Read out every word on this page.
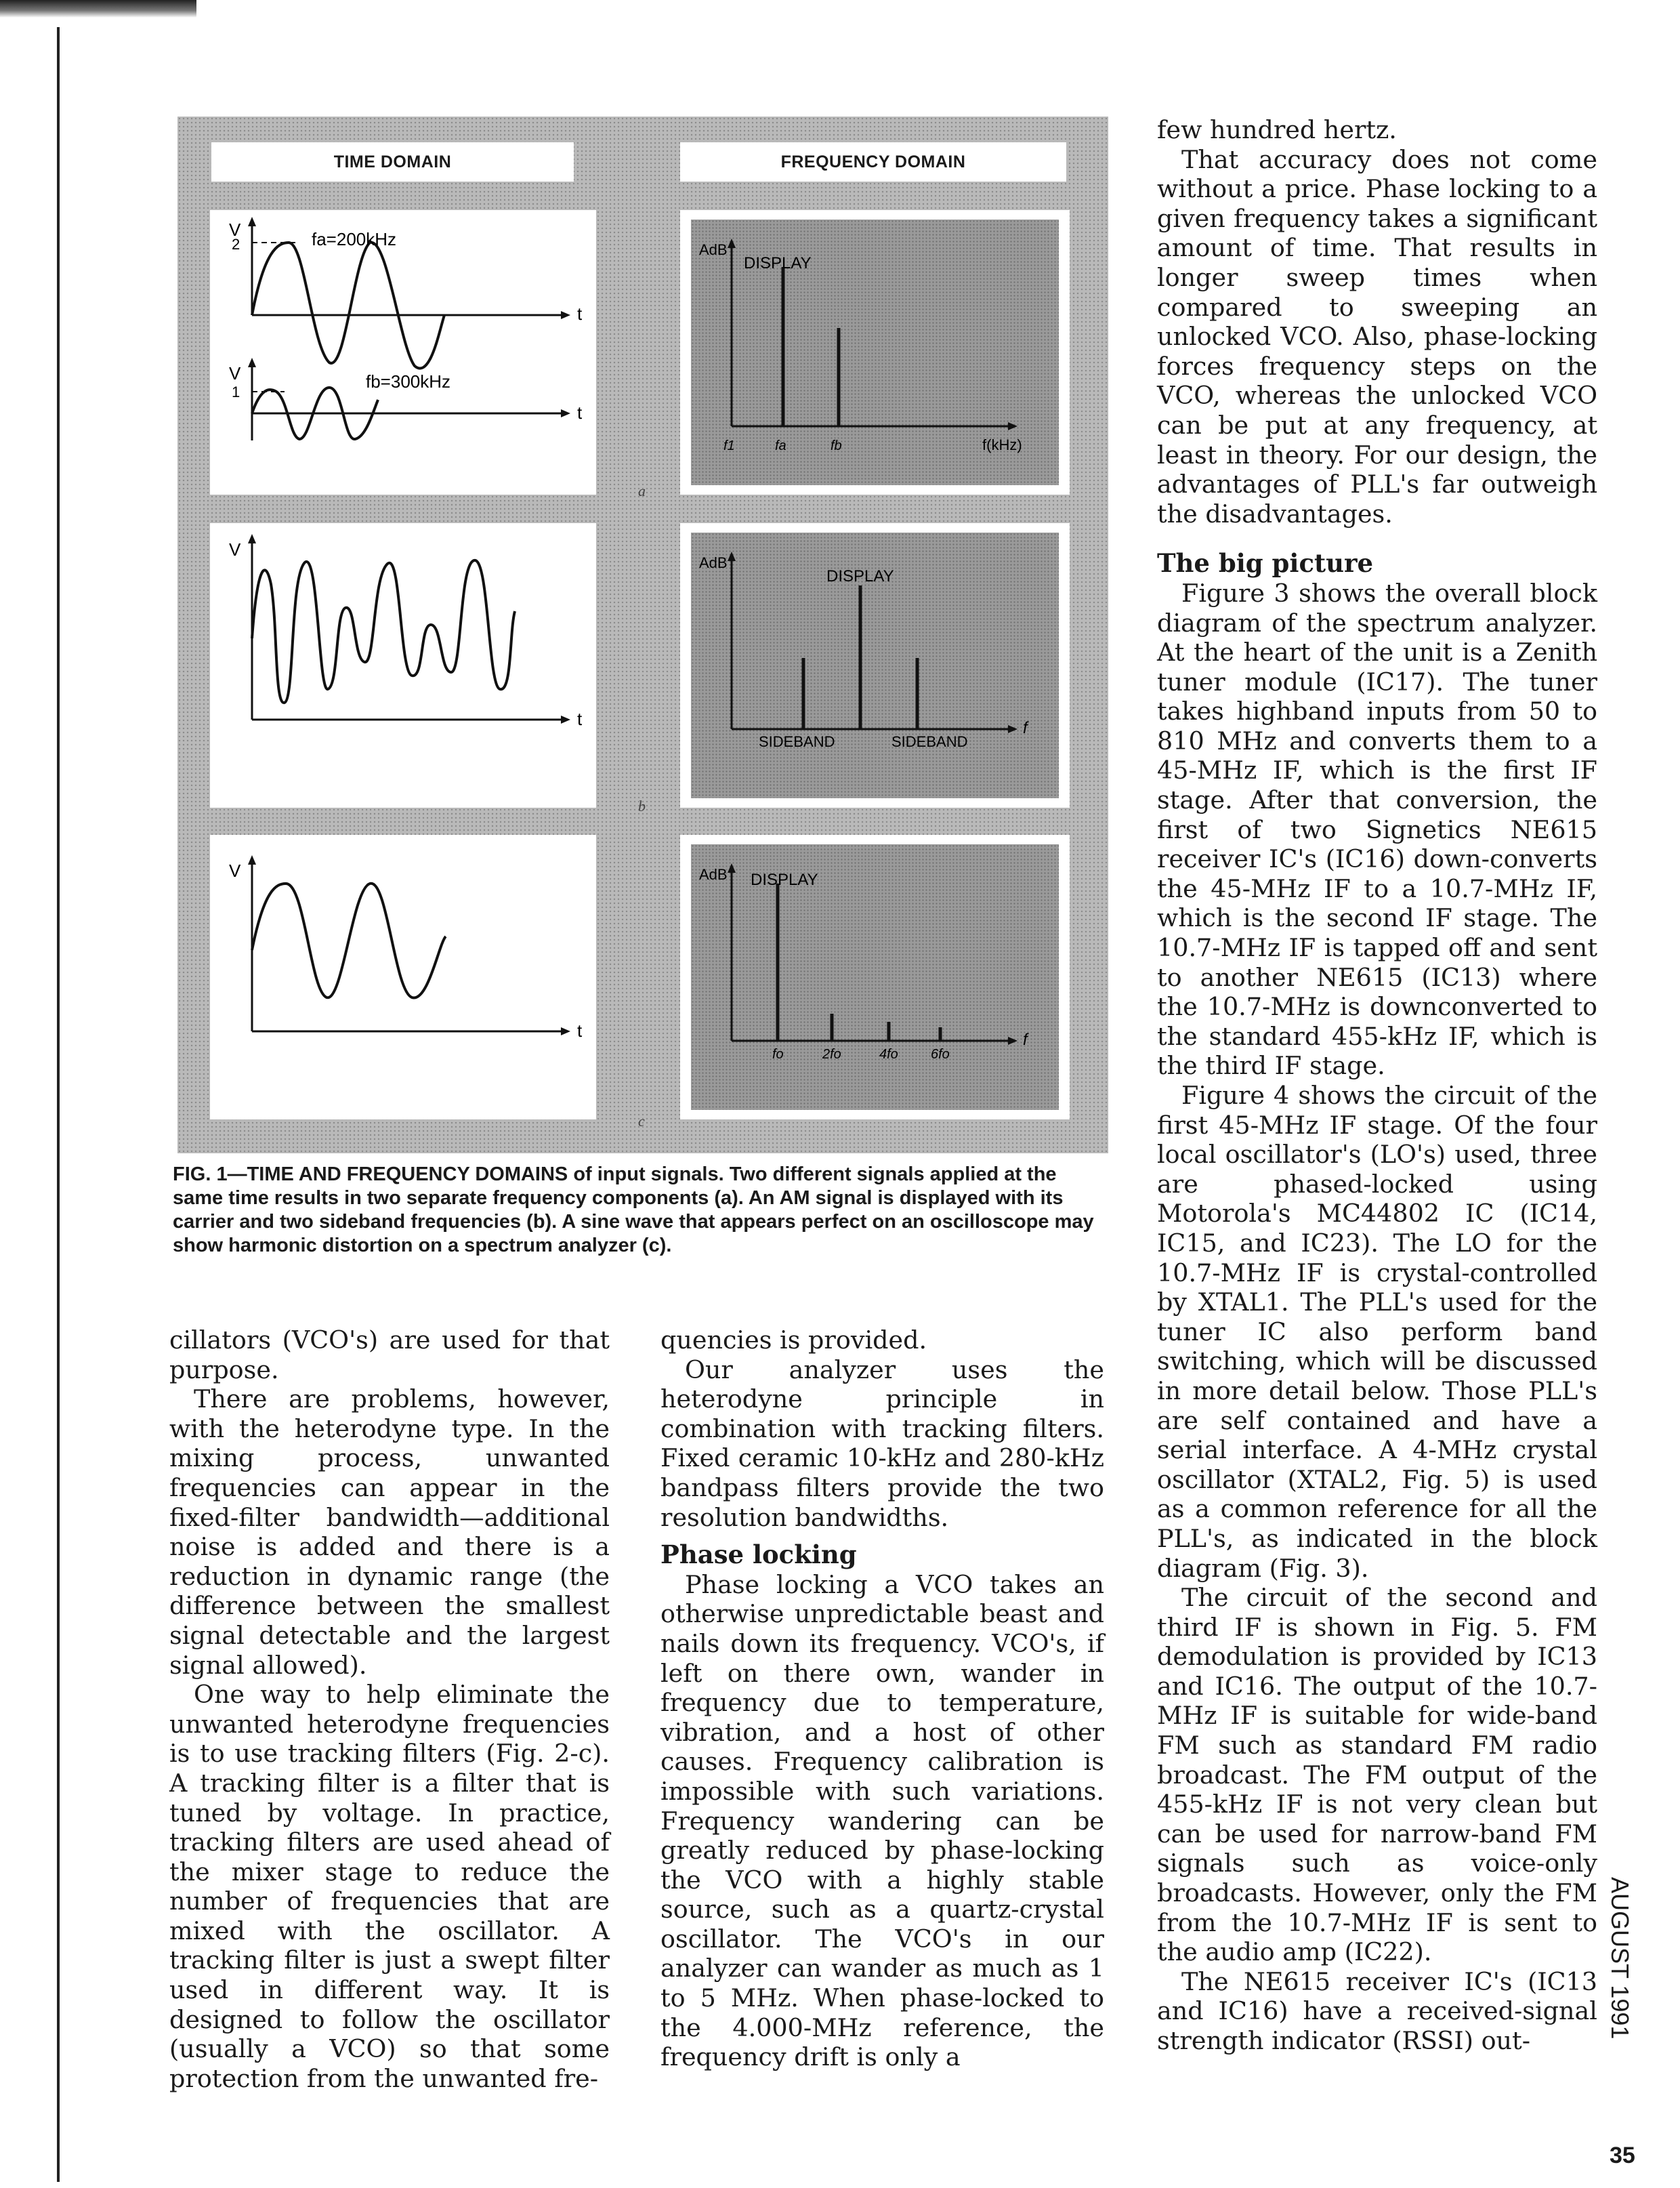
TIME DOMAIN	FREQUENCY DOMAIN
V
2	fa=200kHz
t
V
1
fb=300kHz
t
AdB
DISPLAY
f1	fa	fb	f(kHz)
a
V
t
AdB
DISPLAY
SIDEBAND	SIDEBAND
f
b
V
t
AdB DISPLAY
fo	2fo	4fo 6fo
f
c
FIG. 1—TIME AND FREQUENCY DOMAINS of input signals. Two different signals applied at the same time results in two separate frequency components (a). An AM signal is displayed with its carrier and two sideband frequencies (b). A sine wave that appears perfect on an oscilloscope may show harmonic distortion on a spectrum analyzer (c).

cillators (VCO's) are used for that purpose.

There are problems, however, with the heterodyne type. In the mixing process, unwanted frequencies can appear in the fixed-filter bandwidth—additional noise is added and there is a reduction in dynamic range (the difference between the smallest signal detectable and the largest signal allowed).

One way to help eliminate the unwanted heterodyne frequencies is to use tracking filters (Fig. 2-c). A tracking filter is a filter that is tuned by voltage. In practice, tracking filters are used ahead of the mixer stage to reduce the number of frequencies that are mixed with the oscillator. A tracking filter is just a swept filter used in different way. It is designed to follow the oscillator (usually a VCO) so that some protection from the unwanted fre-

quencies is provided.

Our analyzer uses the heterodyne principle in combination with tracking filters. Fixed ceramic 10-kHz and 280-kHz bandpass filters provide the two resolution bandwidths.

Phase locking

Phase locking a VCO takes an otherwise unpredictable beast and nails down its frequency. VCO's, if left on there own, wander in frequency due to temperature, vibration, and a host of other causes. Frequency calibration is impossible with such variations. Frequency wandering can be greatly reduced by phase-locking the VCO with a highly stable source, such as a quartz-crystal oscillator. The VCO's in our analyzer can wander as much as 1 to 5 MHz. When phase-locked to the 4.000-MHz reference, the frequency drift is only a

few hundred hertz.

That accuracy does not come without a price. Phase locking to a given frequency takes a significant amount of time. That results in longer sweep times when compared to sweeping an unlocked VCO. Also, phase-locking forces frequency steps on the VCO, whereas the unlocked VCO can be put at any frequency, at least in theory. For our design, the advantages of PLL's far outweigh the disadvantages.

The big picture

Figure 3 shows the overall block diagram of the spectrum analyzer. At the heart of the unit is a Zenith tuner module (IC17). The tuner takes highband inputs from 50 to 810 MHz and converts them to a 45-MHz IF, which is the first IF stage. After that conversion, the first of two Signetics NE615 receiver IC's (IC16) down-converts the 45-MHz IF to a 10.7-MHz IF, which is the second IF stage. The 10.7-MHz IF is tapped off and sent to another NE615 (IC13) where the 10.7-MHz is downconverted to the standard 455-kHz IF, which is the third IF stage.

Figure 4 shows the circuit of the first 45-MHz IF stage. Of the four local oscillator's (LO's) used, three are phased-locked using Motorola's MC44802 IC (IC14, IC15, and IC23). The LO for the 10.7-MHz IF is crystal-controlled by XTAL1. The PLL's used for the tuner IC also perform band switching, which will be discussed in more detail below. Those PLL's are self contained and have a serial interface. A 4-MHz crystal oscillator (XTAL2, Fig. 5) is used as a common reference for all the PLL's, as indicated in the block diagram (Fig. 3).

The circuit of the second and third IF is shown in Fig. 5. FM demodulation is provided by IC13 and IC16. The output of the 10.7-MHz IF is suitable for wide-band FM such as standard FM radio broadcast. The FM output of the 455-kHz IF is not very clean but can be used for narrow-band FM signals such as voice-only broadcasts. However, only the FM from the 10.7-MHz IF is sent to the audio amp (IC22).

The NE615 receiver IC's (IC13 and IC16) have a received-signal strength indicator (RSSI) out-

AUGUST 1991
35
